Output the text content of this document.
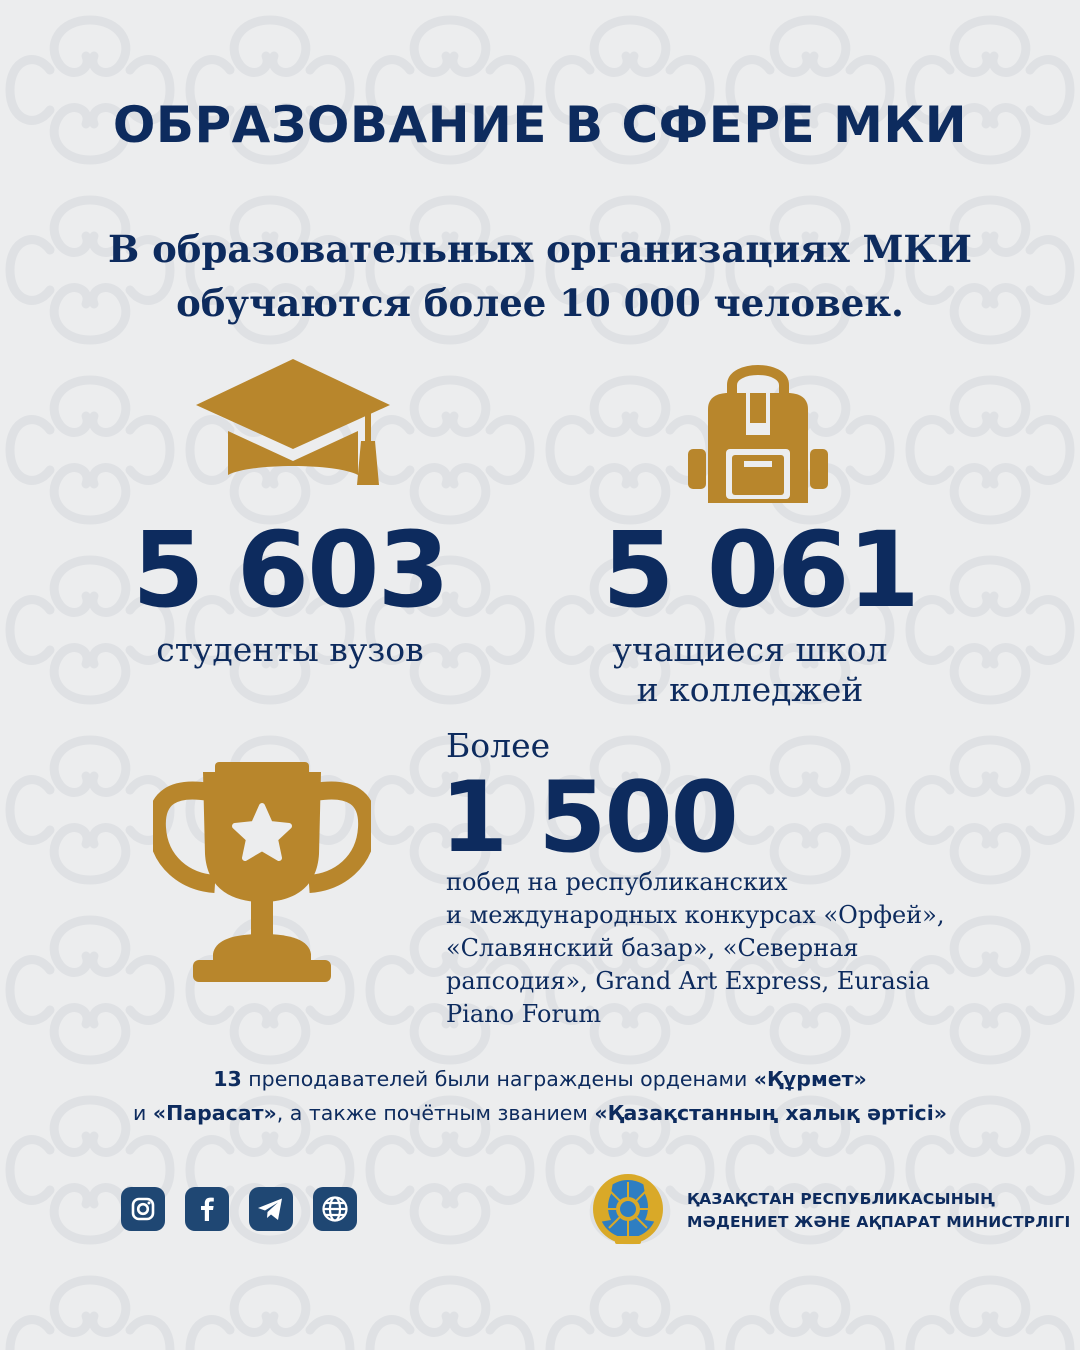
ОБРАЗОВАНИЕ В СФЕРЕ МКИ
В образовательных организациях МКИ
обучаются более 10 000 человек.
5 603
студенты вузов
5 061
учащиеся школ
и колледжей
Более
1 500
побед на республиканских
и международных конкурсах «Орфей»,
«Славянский базар», «Северная
рапсодия», Grand Art Express, Eurasia
Piano Forum
13 преподавателей были награждены орденами «Құрмет»
и «Парасат», а также почётным званием «Қазақстанның халық әртісі»
ҚАЗАҚСТАН РЕСПУБЛИКАСЫНЫҢ
МӘДЕНИЕТ ЖӘНЕ АҚПАРАТ МИНИСТРЛІГІ
